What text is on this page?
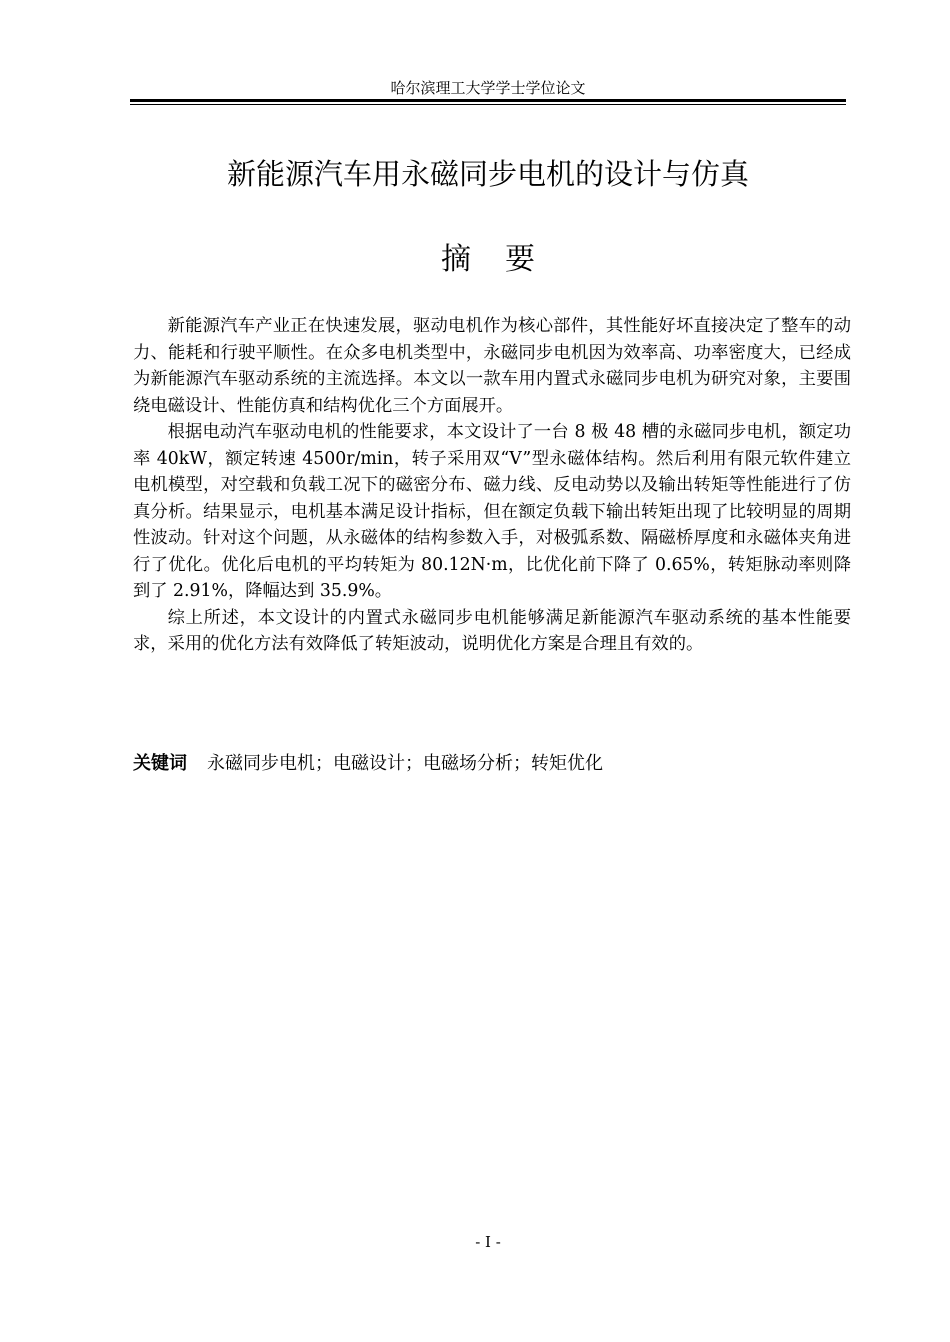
哈尔滨理工大学学士学位论文
新能源汽车用永磁同步电机的设计与仿真
摘要

新能源汽车产业正在快速发展，驱动电机作为核心部件，其性能好坏直接决定了整车的动力、能耗和行驶平顺性。在众多电机类型中，永磁同步电机因为效率高、功率密度大，已经成为新能源汽车驱动系统的主流选择。本文以一款车用内置式永磁同步电机为研究对象，主要围绕电磁设计、性能仿真和结构优化三个方面展开。

根据电动汽车驱动电机的性能要求，本文设计了一台 8 极 48 槽的永磁同步电机，额定功率 40kW，额定转速 4500r/min，转子采用双“V”型永磁体结构。然后利用有限元软件建立电机模型，对空载和负载工况下的磁密分布、磁力线、反电动势以及输出转矩等性能进行了仿真分析。结果显示，电机基本满足设计指标，但在额定负载下输出转矩出现了比较明显的周期性波动。针对这个问题，从永磁体的结构参数入手，对极弧系数、隔磁桥厚度和永磁体夹角进行了优化。优化后电机的平均转矩为 80.12N·m，比优化前下降了 0.65%，转矩脉动率则降到了 2.91%，降幅达到 35.9%。

综上所述，本文设计的内置式永磁同步电机能够满足新能源汽车驱动系统的基本性能要求，采用的优化方法有效降低了转矩波动，说明优化方案是合理且有效的。

关键词 永磁同步电机；电磁设计；电磁场分析；转矩优化
- I -
